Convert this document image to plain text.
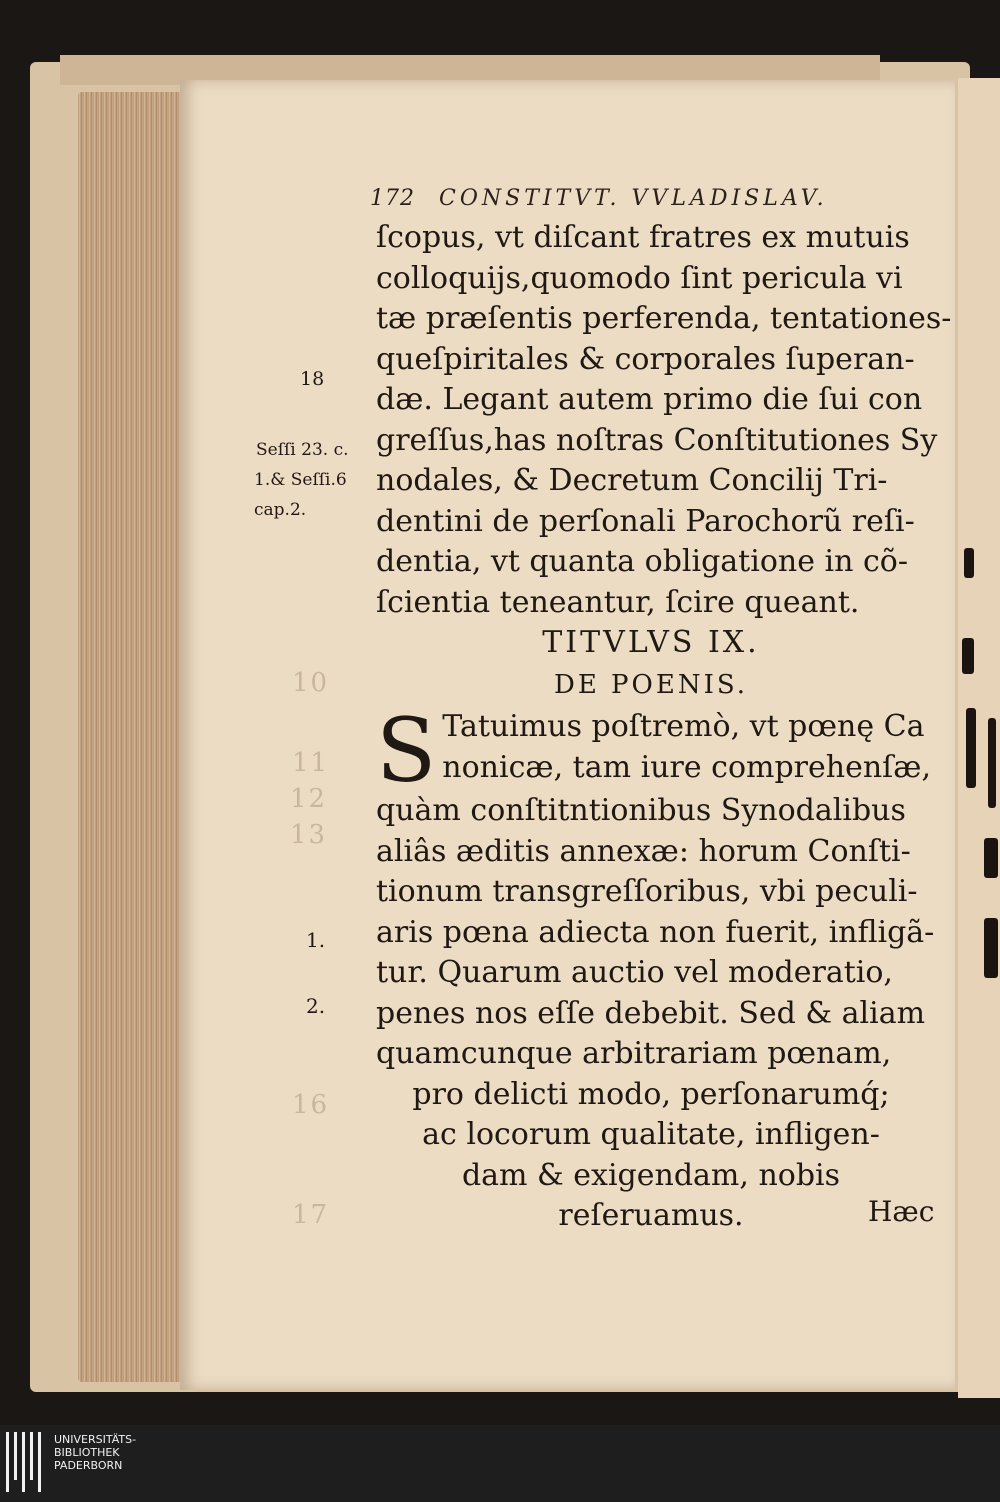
10
11
12
13
16
17
172 CONSTITVT. VVLADISLAV.
18
Seſſi 23. c.
1.& Seſſi.6
cap.2.
1.
2.
ſcopus, vt diſcant fratres ex mutuis
colloquijs,quomodo ſint pericula vi
tæ præſentis perferenda, tentationes-
queſpiritales & corporales ſuperan-
dæ. Legant autem primo die ſui con
greſſus,has noſtras Conſtitutiones Sy
nodales, & Decretum Concilij Tri-
dentini de perſonali Parochorũ reſi-
dentia, vt quanta obligatione in cõ-
ſcientia teneantur, ſcire queant.
TITVLVS IX.
DE POENIS.
S Tatuimus poſtremò, vt pœnę Ca
nonicæ, tam iure comprehenſæ,
quàm conſtitntionibus Synodalibus
aliâs æditis annexæ: horum Conſti-
tionum transgreſſoribus, vbi peculi-
aris pœna adiecta non fuerit, infligã-
tur. Quarum auctio vel moderatio,
penes nos eſſe debebit. Sed & aliam
quamcunque arbitrariam pœnam,
pro delicti modo, perſonarumq́;
ac locorum qualitate, infligen-
dam & exigendam, nobis
reſeruamus.	Hæc
UNIVERSITÄTS-
BIBLIOTHEK
PADERBORN
